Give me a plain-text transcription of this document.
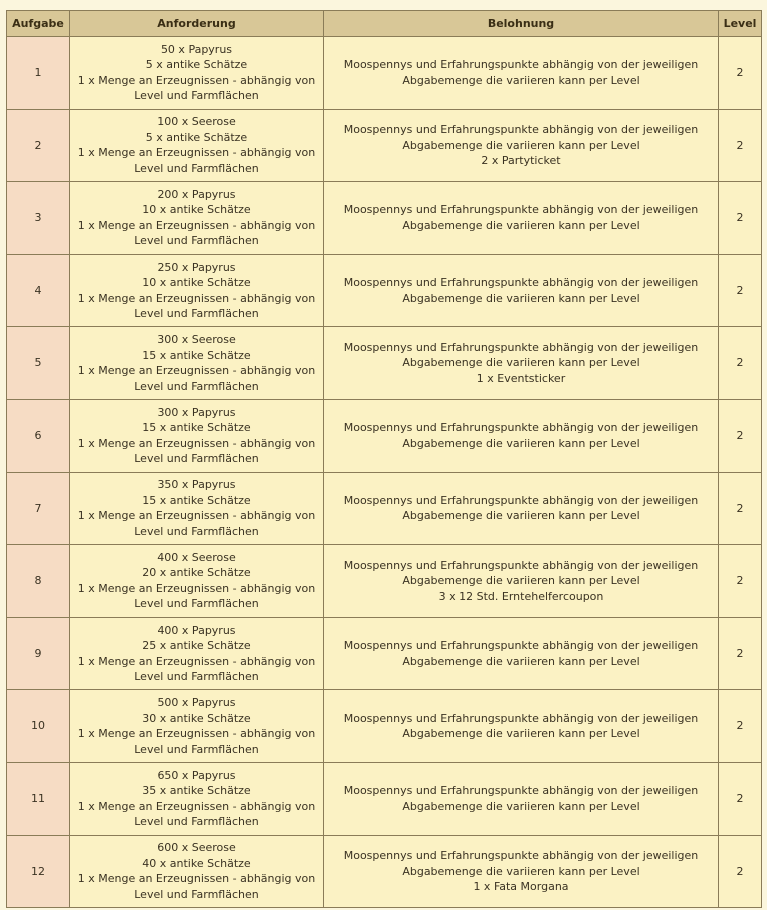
Aufgabe	Anforderung	Belohnung	Level
1	50 x Papyrus
5 x antike Schätze
1 x Menge an Erzeugnissen - abhängig von
Level und Farmflächen	Moospennys und Erfahrungspunkte abhängig von der jeweiligen
Abgabemenge die variieren kann per Level	2
2	100 x Seerose
5 x antike Schätze
1 x Menge an Erzeugnissen - abhängig von
Level und Farmflächen	Moospennys und Erfahrungspunkte abhängig von der jeweiligen
Abgabemenge die variieren kann per Level
2 x Partyticket	2
3	200 x Papyrus
10 x antike Schätze
1 x Menge an Erzeugnissen - abhängig von
Level und Farmflächen	Moospennys und Erfahrungspunkte abhängig von der jeweiligen
Abgabemenge die variieren kann per Level	2
4	250 x Papyrus
10 x antike Schätze
1 x Menge an Erzeugnissen - abhängig von
Level und Farmflächen	Moospennys und Erfahrungspunkte abhängig von der jeweiligen
Abgabemenge die variieren kann per Level	2
5	300 x Seerose
15 x antike Schätze
1 x Menge an Erzeugnissen - abhängig von
Level und Farmflächen	Moospennys und Erfahrungspunkte abhängig von der jeweiligen
Abgabemenge die variieren kann per Level
1 x Eventsticker	2
6	300 x Papyrus
15 x antike Schätze
1 x Menge an Erzeugnissen - abhängig von
Level und Farmflächen	Moospennys und Erfahrungspunkte abhängig von der jeweiligen
Abgabemenge die variieren kann per Level	2
7	350 x Papyrus
15 x antike Schätze
1 x Menge an Erzeugnissen - abhängig von
Level und Farmflächen	Moospennys und Erfahrungspunkte abhängig von der jeweiligen
Abgabemenge die variieren kann per Level	2
8	400 x Seerose
20 x antike Schätze
1 x Menge an Erzeugnissen - abhängig von
Level und Farmflächen	Moospennys und Erfahrungspunkte abhängig von der jeweiligen
Abgabemenge die variieren kann per Level
3 x 12 Std. Erntehelfercoupon	2
9	400 x Papyrus
25 x antike Schätze
1 x Menge an Erzeugnissen - abhängig von
Level und Farmflächen	Moospennys und Erfahrungspunkte abhängig von der jeweiligen
Abgabemenge die variieren kann per Level	2
10	500 x Papyrus
30 x antike Schätze
1 x Menge an Erzeugnissen - abhängig von
Level und Farmflächen	Moospennys und Erfahrungspunkte abhängig von der jeweiligen
Abgabemenge die variieren kann per Level	2
11	650 x Papyrus
35 x antike Schätze
1 x Menge an Erzeugnissen - abhängig von
Level und Farmflächen	Moospennys und Erfahrungspunkte abhängig von der jeweiligen
Abgabemenge die variieren kann per Level	2
12	600 x Seerose
40 x antike Schätze
1 x Menge an Erzeugnissen - abhängig von
Level und Farmflächen	Moospennys und Erfahrungspunkte abhängig von der jeweiligen
Abgabemenge die variieren kann per Level
1 x Fata Morgana	2
